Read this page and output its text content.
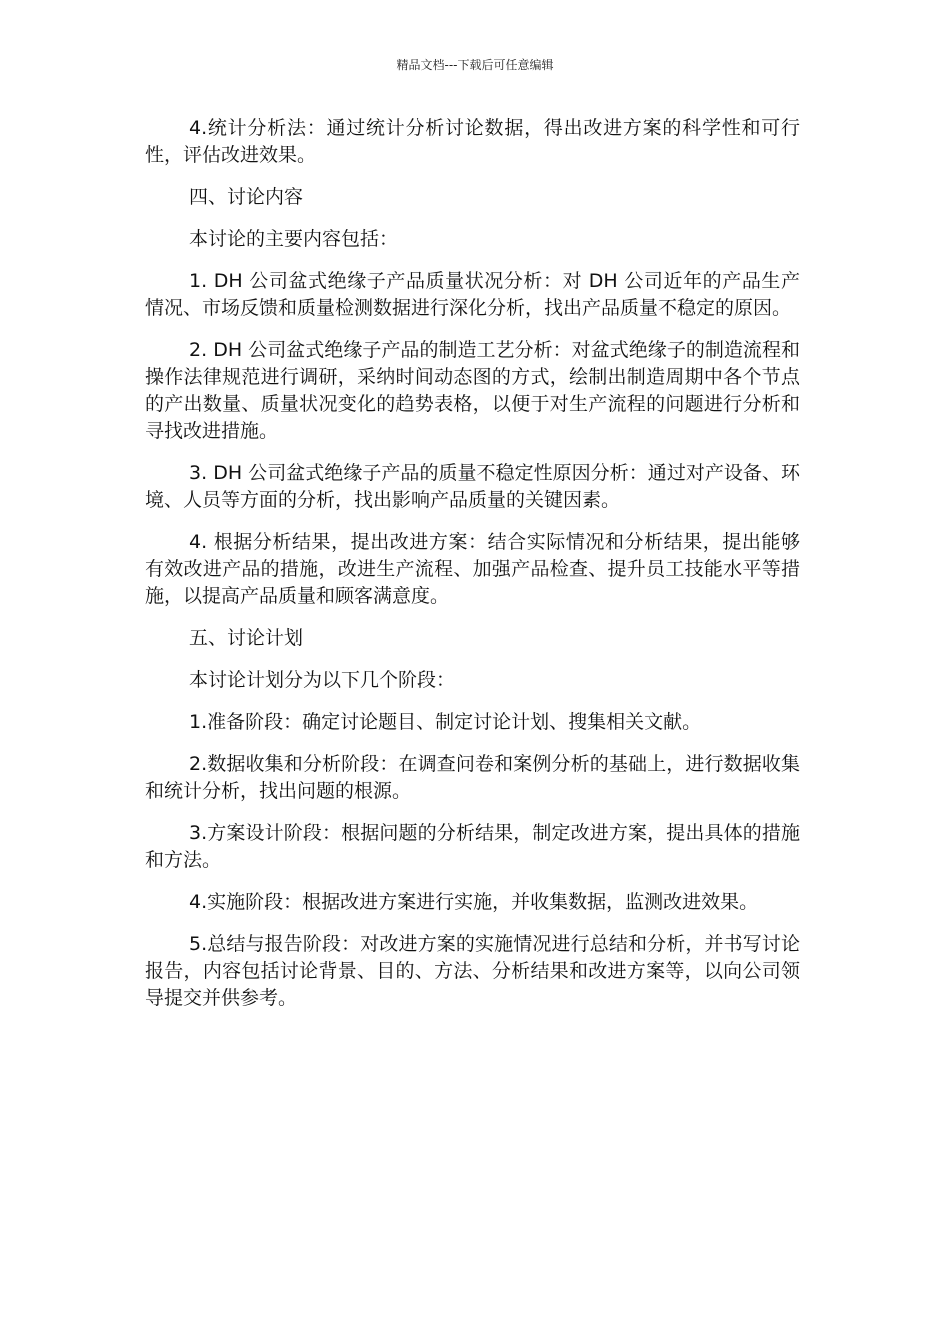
精品文档---下载后可任意编辑

4.统计分析法：通过统计分析讨论数据，得出改进方案的科学性和可行性，评估改进效果。

四、讨论内容

本讨论的主要内容包括：

1. DH 公司盆式绝缘子产品质量状况分析：对 DH 公司近年的产品生产情况、市场反馈和质量检测数据进行深化分析，找出产品质量不稳定的原因。

2. DH 公司盆式绝缘子产品的制造工艺分析：对盆式绝缘子的制造流程和操作法律规范进行调研，采纳时间动态图的方式，绘制出制造周期中各个节点的产出数量、质量状况变化的趋势表格，以便于对生产流程的问题进行分析和寻找改进措施。

3. DH 公司盆式绝缘子产品的质量不稳定性原因分析：通过对产设备、环境、人员等方面的分析，找出影响产品质量的关键因素。

4. 根据分析结果，提出改进方案：结合实际情况和分析结果，提出能够有效改进产品的措施，改进生产流程、加强产品检查、提升员工技能水平等措施，以提高产品质量和顾客满意度。

五、讨论计划

本讨论计划分为以下几个阶段：

1.准备阶段：确定讨论题目、制定讨论计划、搜集相关文献。

2.数据收集和分析阶段：在调查问卷和案例分析的基础上，进行数据收集和统计分析，找出问题的根源。

3.方案设计阶段：根据问题的分析结果，制定改进方案，提出具体的措施和方法。

4.实施阶段：根据改进方案进行实施，并收集数据，监测改进效果。

5.总结与报告阶段：对改进方案的实施情况进行总结和分析，并书写讨论报告，内容包括讨论背景、目的、方法、分析结果和改进方案等，以向公司领导提交并供参考。
